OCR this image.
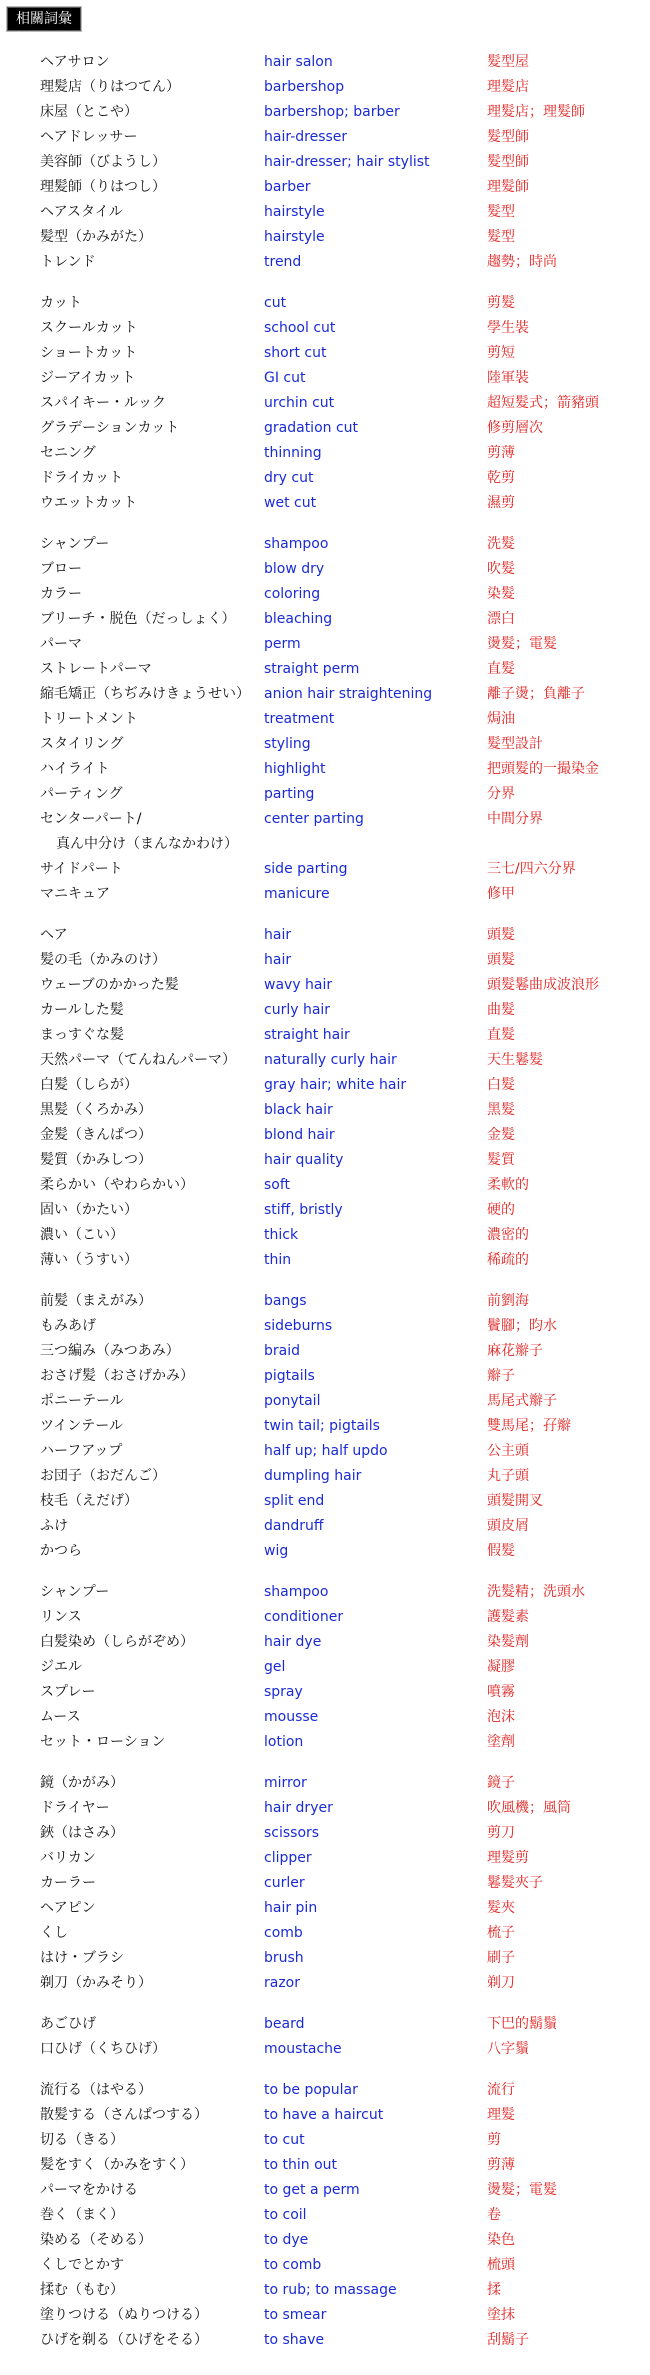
相關詞彙
ヘアサロン	hair salon	髮型屋
理髪店（りはつてん）	barbershop	理髮店
床屋（とこや）	barbershop; barber	理髮店；理髮師
ヘアドレッサー	hair-dresser	髮型師
美容師（びようし）	hair-dresser; hair stylist	髮型師
理髪師（りはつし）	barber	理髮師
ヘアスタイル	hairstyle	髮型
髪型（かみがた）	hairstyle	髮型
トレンド	trend	趨勢；時尚
カット	cut	剪髮
スクールカット	school cut	學生裝
ショートカット	short cut	剪短
ジーアイカット	GI cut	陸軍裝
スパイキー・ルック	urchin cut	超短髮式；箭豬頭
グラデーションカット	gradation cut	修剪層次
セニング	thinning	剪薄
ドライカット	dry cut	乾剪
ウエットカット	wet cut	濕剪
シャンプー	shampoo	洗髮
ブロー	blow dry	吹髮
カラー	coloring	染髮
ブリーチ・脱色（だっしょく） bleaching	漂白
パーマ	perm	燙髮；電髮
ストレートパーマ	straight perm	直髮
縮毛矯正（ちぢみけきょうせい） anion hair straightening	離子燙；負離子
トリートメント	treatment	焗油
スタイリング	styling	髮型設計
ハイライト	highlight	把頭髮的一撮染金
パーティング	parting	分界
センターパート/	center parting	中間分界
真ん中分け（まんなかわけ）
サイドパート	side parting	三七/四六分界
マニキュア	manicure	修甲
ヘア	hair	頭髮
髪の毛（かみのけ）	hair	頭髮
ウェーブのかかった髪	wavy hair	頭髮鬈曲成波浪形
カールした髪	curly hair	曲髮
まっすぐな髪	straight hair	直髮
天然パーマ（てんねんパーマ） naturally curly hair	天生鬈髮
白髪（しらが）	gray hair; white hair	白髮
黒髪（くろかみ）	black hair	黑髮
金髪（きんぱつ）	blond hair	金髮
髪質（かみしつ）	hair quality	髮質
柔らかい（やわらかい）	soft	柔軟的
固い（かたい）	stiff, bristly	硬的
濃い（こい）	thick	濃密的
薄い（うすい）	thin	稀疏的
前髪（まえがみ）	bangs	前劉海
もみあげ	sideburns	鬢腳；昀水
三つ編み（みつあみ）	braid	麻花辮子
おさげ髪（おさげかみ）	pigtails	辮子
ポニーテール	ponytail	馬尾式辮子
ツインテール	twin tail; pigtails	雙馬尾；孖辮
ハーフアップ	half up; half updo	公主頭
お団子（おだんご）	dumpling hair	丸子頭
枝毛（えだげ）	split end	頭髮開叉
ふけ	dandruff	頭皮屑
かつら	wig	假髮
シャンプー	shampoo	洗髮精；洗頭水
リンス	conditioner	護髮素
白髪染め（しらがぞめ）	hair dye	染髮劑
ジエル	gel	凝膠
スプレー	spray	噴霧
ムース	mousse	泡沫
セット・ローション	lotion	塗劑
鏡（かがみ）	mirror	鏡子
ドライヤー	hair dryer	吹風機；風筒
鋏（はさみ）	scissors	剪刀
バリカン	clipper	理髮剪
カーラー	curler	鬈髮夾子
ヘアピン	hair pin	髮夾
くし	comb	梳子
はけ・ブラシ	brush	刷子
剃刀（かみそり）	razor	剃刀
あごひげ	beard	下巴的鬍鬚
口ひげ（くちひげ）	moustache	八字鬚
流行る（はやる）	to be popular	流行
散髪する（さんぱつする）	to have a haircut	理髮
切る（きる）	to cut	剪
髪をすく（かみをすく）	to thin out	剪薄
パーマをかける	to get a perm	燙髮；電髮
巻く（まく）	to coil	卷
染める（そめる）	to dye	染色
くしでとかす	to comb	梳頭
揉む（もむ）	to rub; to massage	揉
塗りつける（ぬりつける）	to smear	塗抹
ひげを剃る（ひげをそる）	to shave	刮鬍子
